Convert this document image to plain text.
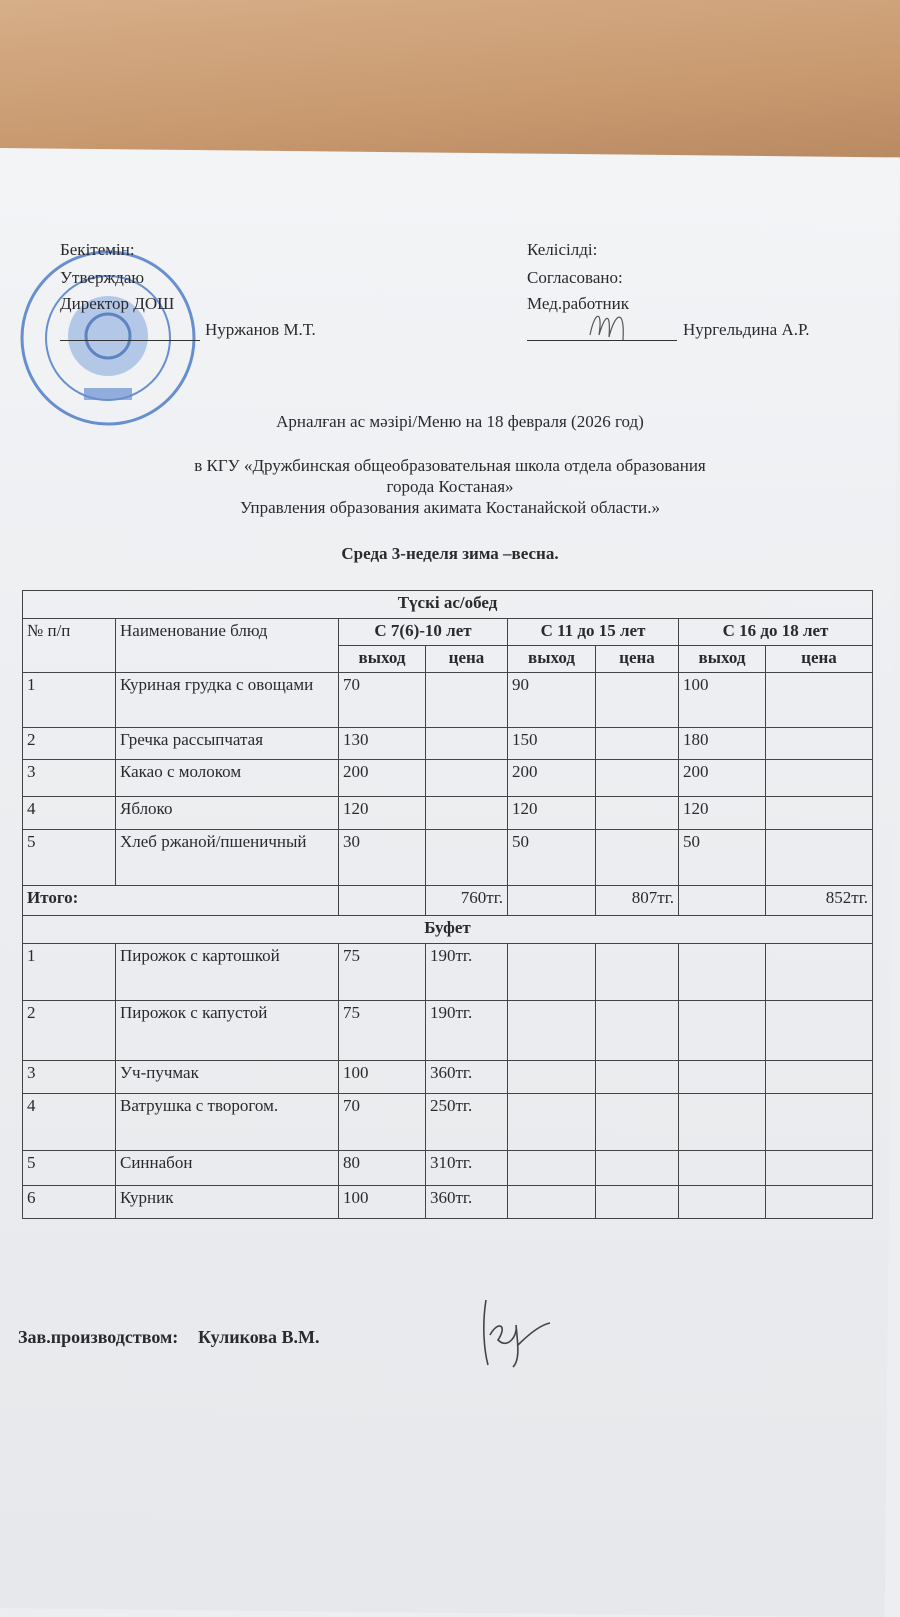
Бекітемін:
Утверждаю
Директор ДОШ
Нуржанов М.Т.
Келісілді:
Согласовано:
Мед.работник
Нургельдина А.Р.
Арналған ас мәзірі/Меню на 18 февраля (2026 год)
в КГУ «Дружбинская общеобразовательная школа отдела образования
города Костаная»
Управления образования акимата Костанайской области.»
Среда 3-неделя зима –весна.
Түскі ас/обед							
№ п/п	Наименование блюд	С 7(6)-10 лет		С 11 до 15 лет		С 16 до 18 лет	
		выход	цена	выход	цена	выход	цена
1	Куриная грудка с овощами	70		90		100	
2	Гречка рассыпчатая	130		150		180	
3	Какао с молоком	200		200		200	
4	Яблоко	120		120		120	
5	Хлеб ржаной/пшеничный	30		50		50	
Итого:			760тг.		807тг.		852тг.
Буфет							
1	Пирожок с картошкой	75	190тг.				
2	Пирожок с капустой	75	190тг.				
3	Уч-пучмак	100	360тг.				
4	Ватрушка с творогом.	70	250тг.				
5	Синнабон	80	310тг.				
6	Курник	100	360тг.				
Зав.производством: Куликова В.М.
